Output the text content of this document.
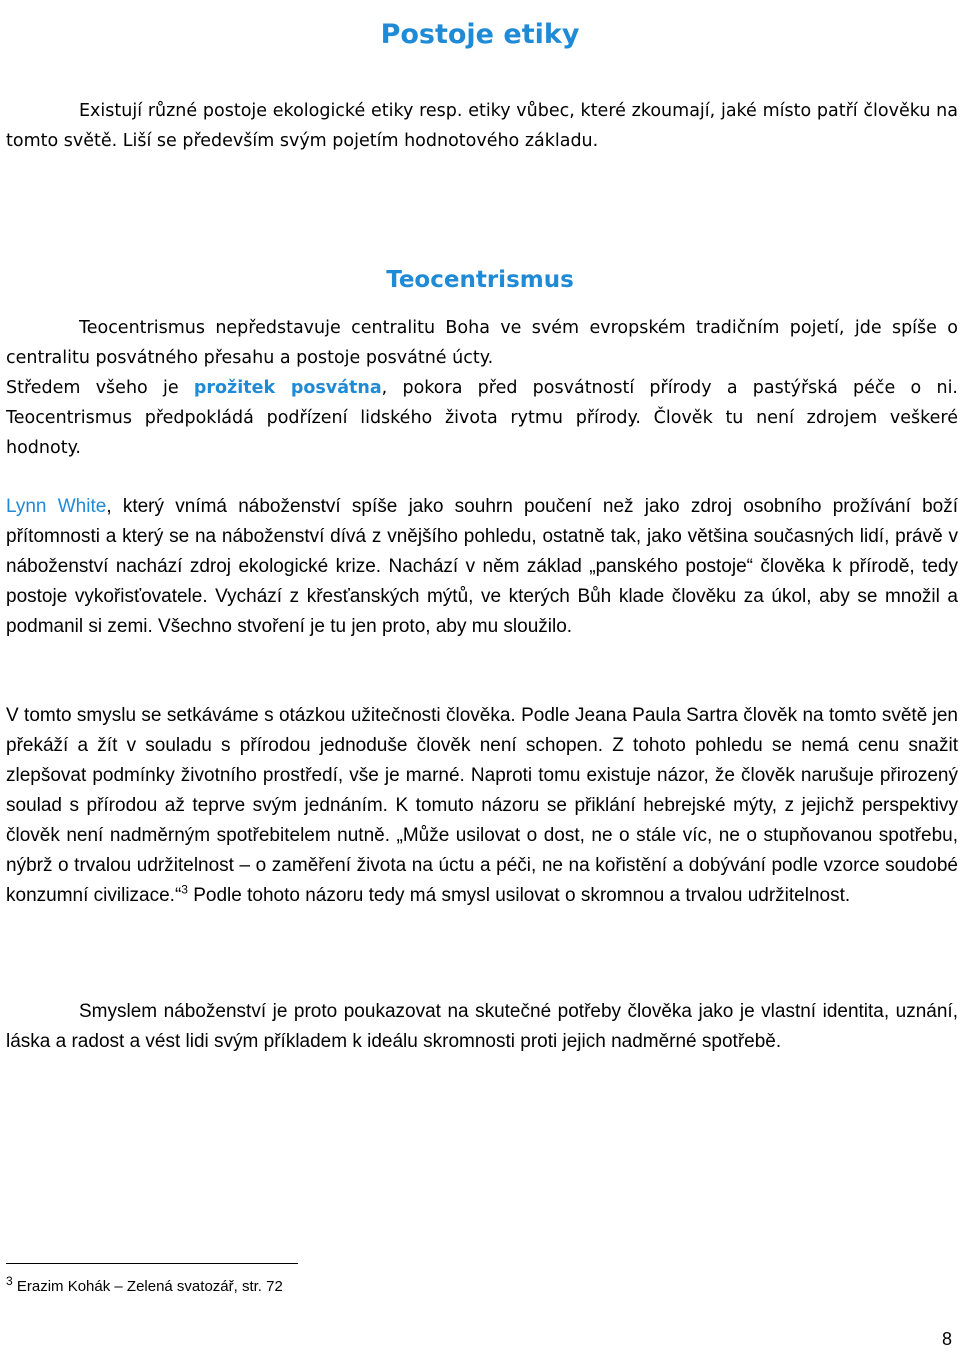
Postoje etiky

Existují různé postoje ekologické etiky resp. etiky vůbec, které zkoumají, jaké místo patří člověku na tomto světě. Liší se především svým pojetím hodnotového základu.

Teocentrismus

Teocentrismus nepředstavuje centralitu Boha ve svém evropském tradičním pojetí, jde spíše o centralitu posvátného přesahu a postoje posvátné úcty.

Středem všeho je prožitek posvátna, pokora před posvátností přírody a pastýřská péče o ni. Teocentrismus předpokládá podřízení lidského života rytmu přírody. Člověk tu není zdrojem veškeré hodnoty.

Lynn White, který vnímá náboženství spíše jako souhrn poučení než jako zdroj osobního prožívání boží přítomnosti a který se na náboženství dívá z vnějšího pohledu, ostatně tak, jako většina současných lidí, právě v náboženství nachází zdroj ekologické krize. Nachází v něm základ „panského postoje“ člověka k přírodě, tedy postoje vykořisťovatele. Vychází z křesťanských mýtů, ve kterých Bůh klade člověku za úkol, aby se množil a podmanil si zemi. Všechno stvoření je tu jen proto, aby mu sloužilo.

V tomto smyslu se setkáváme s otázkou užitečnosti člověka. Podle Jeana Paula Sartra člověk na tomto světě jen překáží a žít v souladu s přírodou jednoduše člověk není schopen. Z tohoto pohledu se nemá cenu snažit zlepšovat podmínky životního prostředí, vše je marné. Naproti tomu existuje názor, že člověk narušuje přirozený soulad s přírodou až teprve svým jednáním. K tomuto názoru se přiklání hebrejské mýty, z jejichž perspektivy člověk není nadměrným spotřebitelem nutně. „Může usilovat o dost, ne o stále víc, ne o stupňovanou spotřebu, nýbrž o trvalou udržitelnost – o zaměření života na úctu a péči, ne na kořistění a dobývání podle vzorce soudobé konzumní civilizace.“$^3$ Podle tohoto názoru tedy má smysl usilovat o skromnou a trvalou udržitelnost.

Smyslem náboženství je proto poukazovat na skutečné potřeby člověka jako je vlastní identita, uznání, láska a radost a vést lidi svým příkladem k ideálu skromnosti proti jejich nadměrné spotřebě.

$^3$ Erazim Kohák – Zelená svatozář, str. 72
8
